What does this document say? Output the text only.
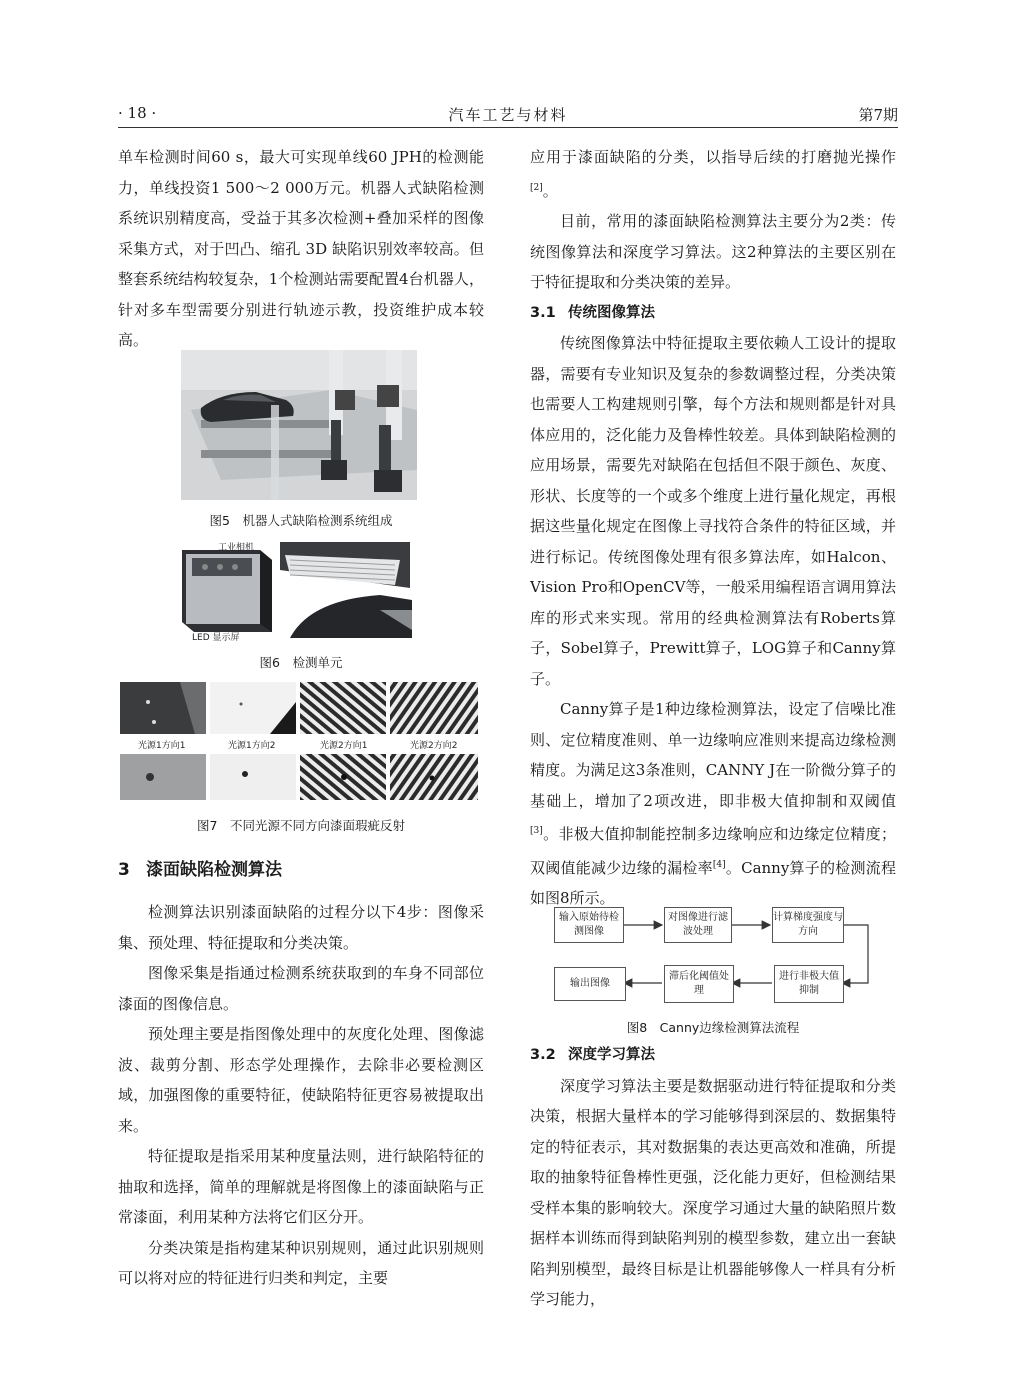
· 18 ·	汽车工艺与材料	第7期

单车检测时间60 s，最大可实现单线60 JPH的检测能力，单线投资1 500～2 000万元。机器人式缺陷检测系统识别精度高，受益于其多次检测+叠加采样的图像采集方式，对于凹凸、缩孔 3D 缺陷识别效率较高。但整套系统结构较复杂，1个检测站需要配置4台机器人，针对多车型需要分别进行轨迹示教，投资维护成本较高。

图5　机器人式缺陷检测系统组成
工业相机
LED 显示屏
图6　检测单元
光源1方向1	光源1方向2	光源2方向1	光源2方向2
图7　不同光源不同方向漆面瑕疵反射
3 漆面缺陷检测算法

检测算法识别漆面缺陷的过程分以下4步：图像采集、预处理、特征提取和分类决策。

图像采集是指通过检测系统获取到的车身不同部位漆面的图像信息。

预处理主要是指图像处理中的灰度化处理、图像滤波、裁剪分割、形态学处理操作，去除非必要检测区域，加强图像的重要特征，使缺陷特征更容易被提取出来。

特征提取是指采用某种度量法则，进行缺陷特征的抽取和选择，简单的理解就是将图像上的漆面缺陷与正常漆面，利用某种方法将它们区分开。

分类决策是指构建某种识别规则，通过此识别规则可以将对应的特征进行归类和判定，主要

应用于漆面缺陷的分类，以指导后续的打磨抛光操作[2]。

目前，常用的漆面缺陷检测算法主要分为2类：传统图像算法和深度学习算法。这2种算法的主要区别在于特征提取和分类决策的差异。

3.1 传统图像算法

传统图像算法中特征提取主要依赖人工设计的提取器，需要有专业知识及复杂的参数调整过程，分类决策也需要人工构建规则引擎，每个方法和规则都是针对具体应用的，泛化能力及鲁棒性较差。具体到缺陷检测的应用场景，需要先对缺陷在包括但不限于颜色、灰度、形状、长度等的一个或多个维度上进行量化规定，再根据这些量化规定在图像上寻找符合条件的特征区域，并进行标记。传统图像处理有很多算法库，如Halcon、Vision Pro和OpenCV等，一般采用编程语言调用算法库的形式来实现。常用的经典检测算法有Roberts算子，Sobel算子，Prewitt算子，LOG算子和Canny算子。

Canny算子是1种边缘检测算法，设定了信噪比准则、定位精度准则、单一边缘响应准则来提高边缘检测精度。为满足这3条准则，CANNY J在一阶微分算子的基础上，增加了2项改进，即非极大值抑制和双阈值[3]。非极大值抑制能控制多边缘响应和边缘定位精度；双阈值能减少边缘的漏检率[4]。Canny算子的检测流程如图8所示。

输入原始待检测图像
对图像进行滤波处理
计算梯度强度与方向
进行非极大值抑制
滞后化阈值处理
输出图像
图8　Canny边缘检测算法流程

3.2 深度学习算法

深度学习算法主要是数据驱动进行特征提取和分类决策，根据大量样本的学习能够得到深层的、数据集特定的特征表示，其对数据集的表达更高效和准确，所提取的抽象特征鲁棒性更强，泛化能力更好，但检测结果受样本集的影响较大。深度学习通过大量的缺陷照片数据样本训练而得到缺陷判别的模型参数，建立出一套缺陷判别模型，最终目标是让机器能够像人一样具有分析学习能力，
